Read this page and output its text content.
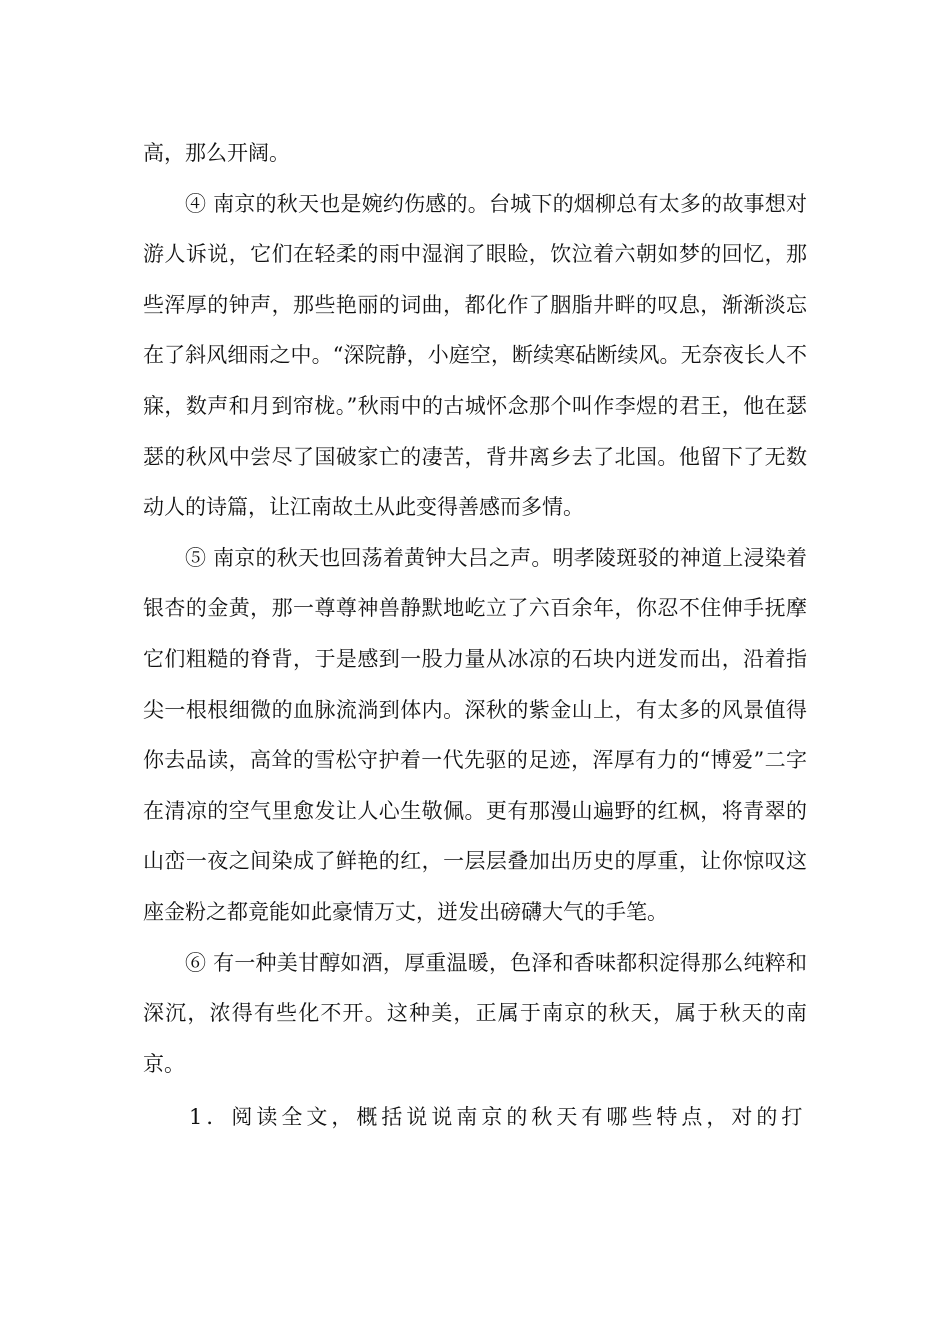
高，那么开阔。

④ 南京的秋天也是婉约伤感的。台城下的烟柳总有太多的故事想对游人诉说，它们在轻柔的雨中湿润了眼睑，饮泣着六朝如梦的回忆，那些浑厚的钟声，那些艳丽的词曲，都化作了胭脂井畔的叹息，渐渐淡忘在了斜风细雨之中。“深院静，小庭空，断续寒砧断续风。无奈夜长人不寐，数声和月到帘栊。”秋雨中的古城怀念那个叫作李煜的君王，他在瑟瑟的秋风中尝尽了国破家亡的凄苦，背井离乡去了北国。他留下了无数动人的诗篇，让江南故土从此变得善感而多情。

⑤ 南京的秋天也回荡着黄钟大吕之声。明孝陵斑驳的神道上浸染着银杏的金黄，那一尊尊神兽静默地屹立了六百余年，你忍不住伸手抚摩它们粗糙的脊背，于是感到一股力量从冰凉的石块内迸发而出，沿着指尖一根根细微的血脉流淌到体内。深秋的紫金山上，有太多的风景值得你去品读，高耸的雪松守护着一代先驱的足迹，浑厚有力的“博爱”二字在清凉的空气里愈发让人心生敬佩。更有那漫山遍野的红枫，将青翠的山峦一夜之间染成了鲜艳的红，一层层叠加出历史的厚重，让你惊叹这座金粉之都竟能如此豪情万丈，迸发出磅礴大气的手笔。

⑥ 有一种美甘醇如酒，厚重温暖，色泽和香味都积淀得那么纯粹和深沉，浓得有些化不开。这种美，正属于南京的秋天，属于秋天的南京。

1．阅读全文，概括说说南京的秋天有哪些特点，对的打
